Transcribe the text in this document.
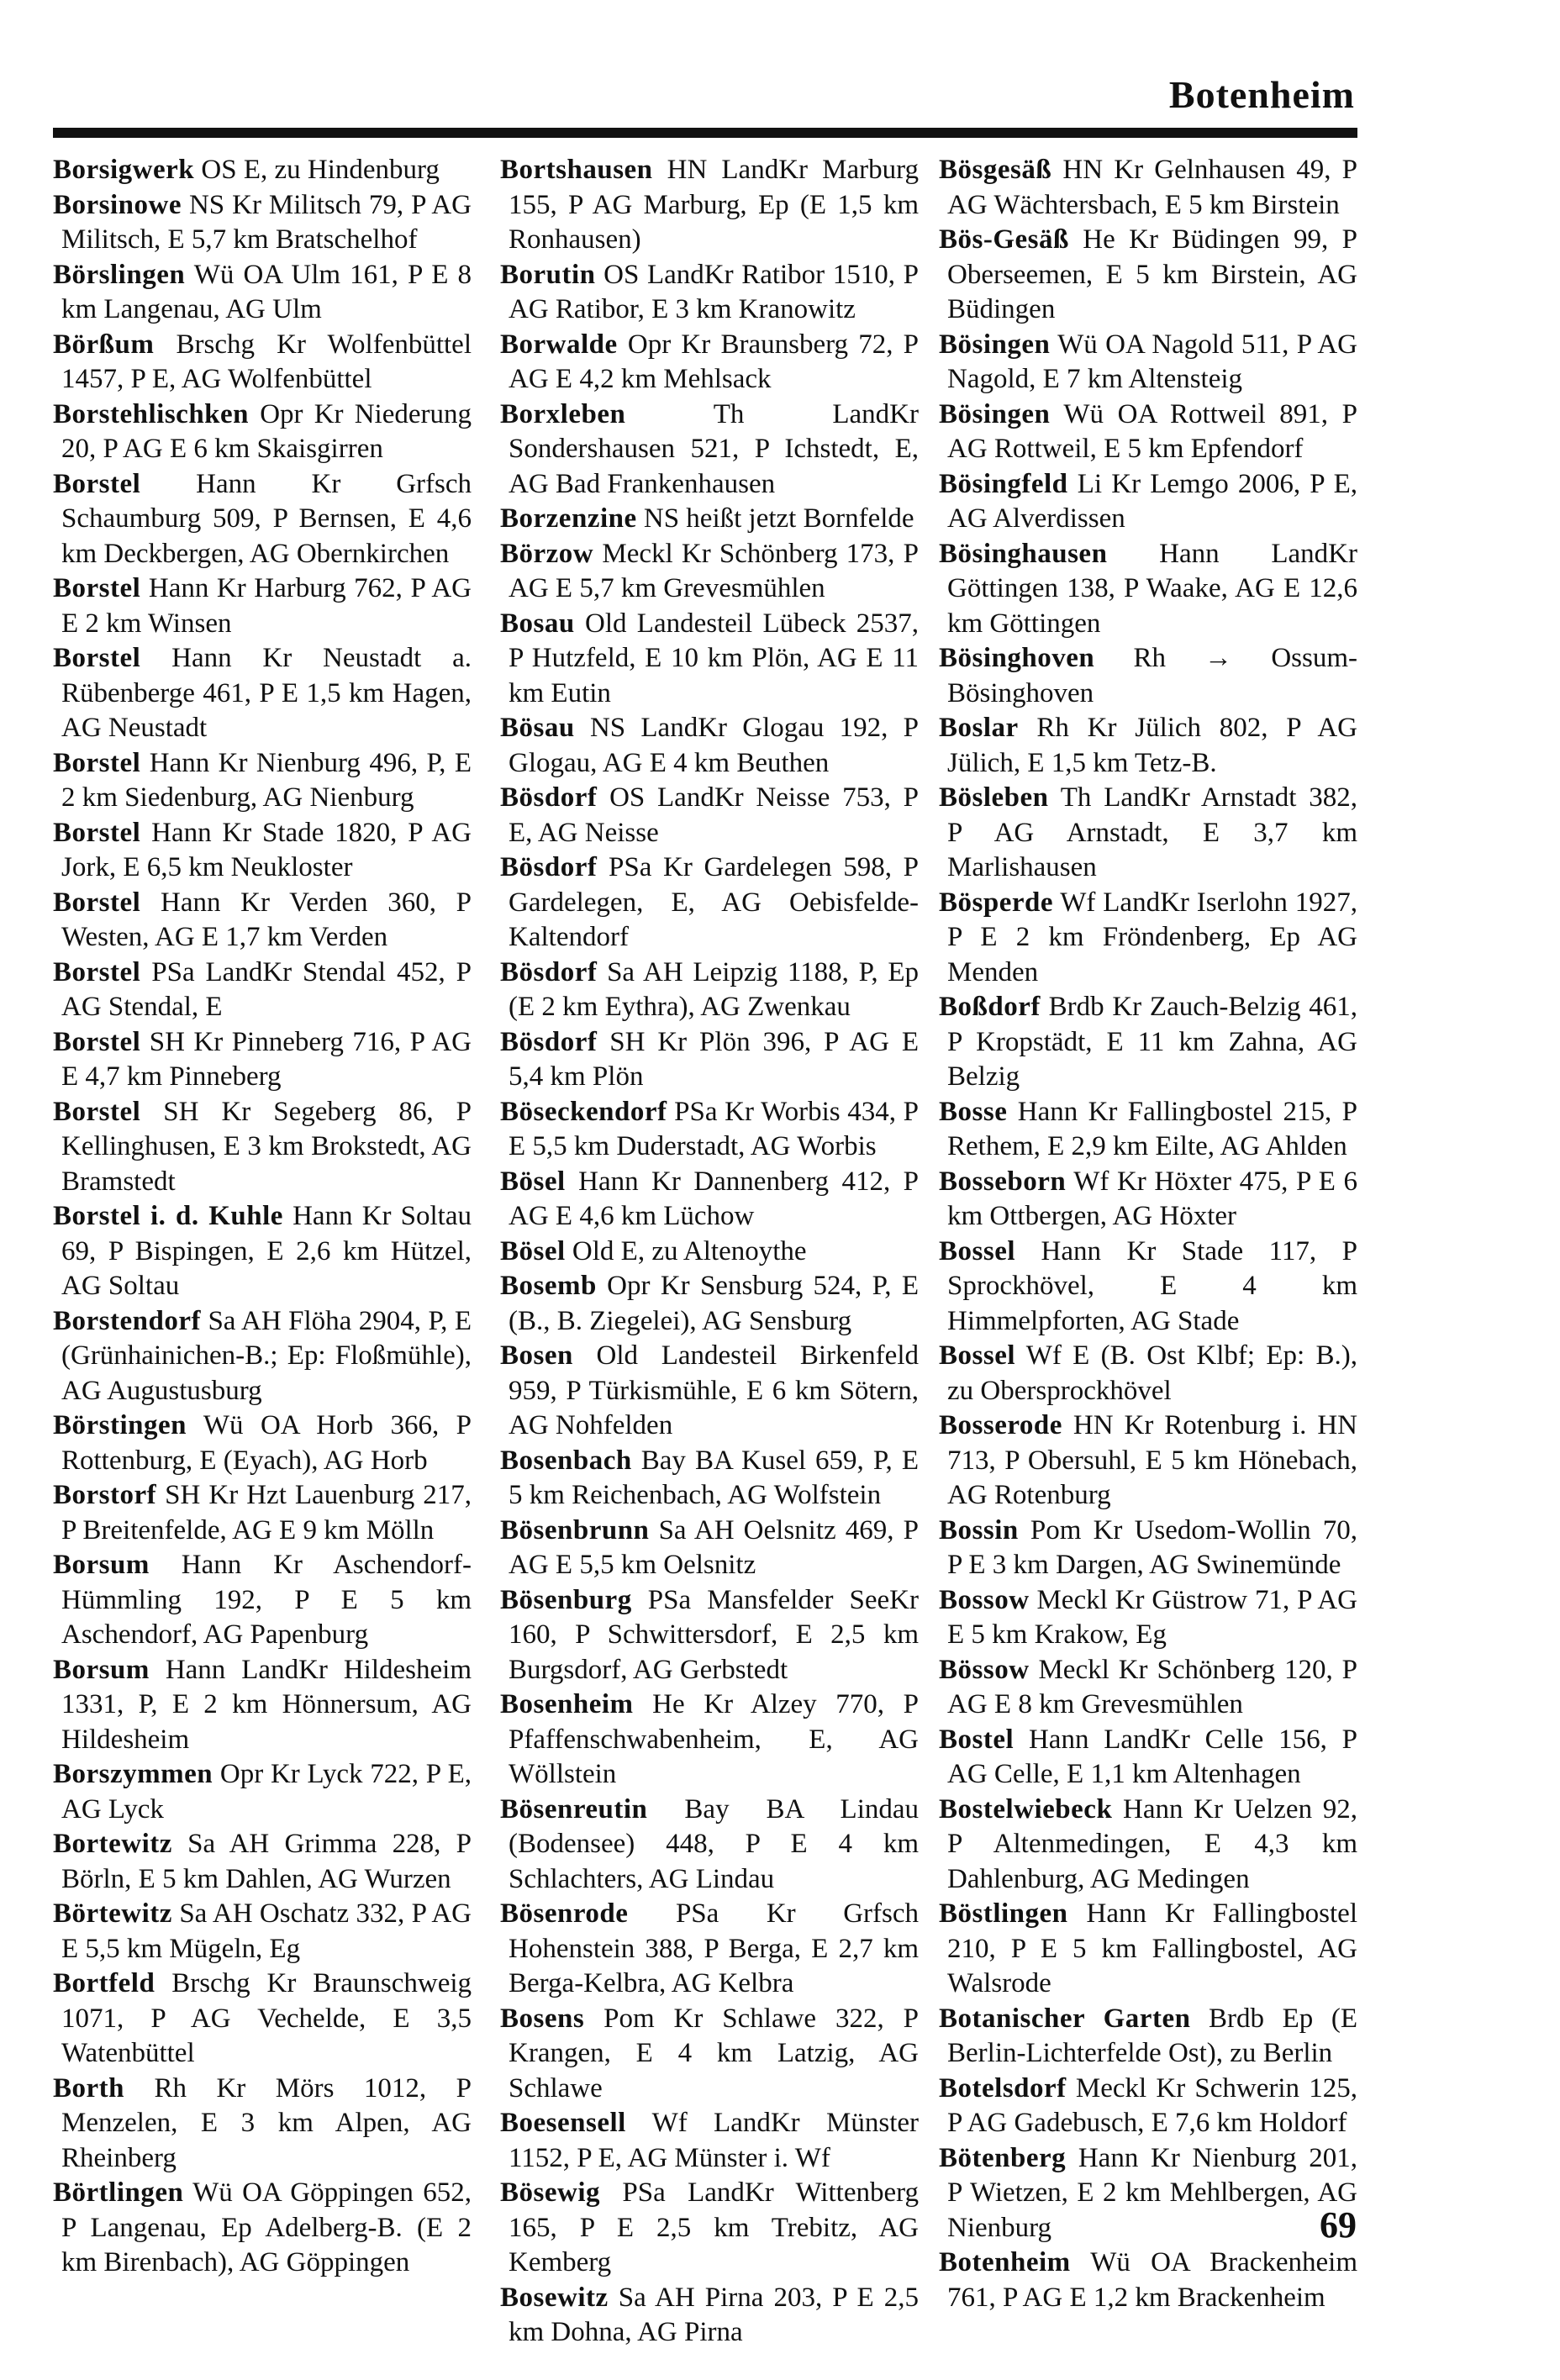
Botenheim
Borsigwerk OS E, zu Hindenburg
Borsinowe NS Kr Militsch 79, P AG Militsch, E 5,7 km Bratschelhof
Börslingen Wü OA Ulm 161, P E 8 km Langenau, AG Ulm
Börßum Brschg Kr Wolfenbüttel 1457, P E, AG Wolfenbüttel
Borstehlischken Opr Kr Niederung 20, P AG E 6 km Skaisgirren
Borstel Hann Kr Grfsch Schaumburg 509, P Bernsen, E 4,6 km Deckbergen, AG Obernkirchen
Borstel Hann Kr Harburg 762, P AG E 2 km Winsen
Borstel Hann Kr Neustadt a. Rübenberge 461, P E 1,5 km Hagen, AG Neustadt
Borstel Hann Kr Nienburg 496, P, E 2 km Siedenburg, AG Nienburg
Borstel Hann Kr Stade 1820, P AG Jork, E 6,5 km Neukloster
Borstel Hann Kr Verden 360, P Westen, AG E 1,7 km Verden
Borstel PSa LandKr Stendal 452, P AG Stendal, E
Borstel SH Kr Pinneberg 716, P AG E 4,7 km Pinneberg
Borstel SH Kr Segeberg 86, P Kellinghusen, E 3 km Brokstedt, AG Bramstedt
Borstel i. d. Kuhle Hann Kr Soltau 69, P Bispingen, E 2,6 km Hützel, AG Soltau
Borstendorf Sa AH Flöha 2904, P, E (Grünhainichen-B.; Ep: Floßmühle), AG Augustusburg
Börstingen Wü OA Horb 366, P Rottenburg, E (Eyach), AG Horb
Borstorf SH Kr Hzt Lauenburg 217, P Breitenfelde, AG E 9 km Mölln
Borsum Hann Kr Aschendorf-Hümmling 192, P E 5 km Aschendorf, AG Papenburg
Borsum Hann LandKr Hildesheim 1331, P, E 2 km Hönnersum, AG Hildesheim
Borszymmen Opr Kr Lyck 722, P E, AG Lyck
Bortewitz Sa AH Grimma 228, P Börln, E 5 km Dahlen, AG Wurzen
Börtewitz Sa AH Oschatz 332, P AG E 5,5 km Mügeln, Eg
Bortfeld Brschg Kr Braunschweig 1071, P AG Vechelde, E 3,5 Watenbüttel
Borth Rh Kr Mörs 1012, P Menzelen, E 3 km Alpen, AG Rheinberg
Börtlingen Wü OA Göppingen 652, P Langenau, Ep Adelberg-B. (E 2 km Birenbach), AG Göppingen
Bortshausen HN LandKr Marburg 155, P AG Marburg, Ep (E 1,5 km Ronhausen)
Borutin OS LandKr Ratibor 1510, P AG Ratibor, E 3 km Kranowitz
Borwalde Opr Kr Braunsberg 72, P AG E 4,2 km Mehlsack
Borxleben	Th LandKr Sondershausen 521, P Ichstedt, E, AG Bad Frankenhausen
Borzenzine NS heißt jetzt Bornfelde
Börzow Meckl Kr Schönberg 173, P AG E 5,7 km Grevesmühlen
Bosau Old Landesteil Lübeck 2537, P Hutzfeld, E 10 km Plön, AG E 11 km Eutin
Bösau NS LandKr Glogau 192, P Glogau, AG E 4 km Beuthen
Bösdorf OS LandKr Neisse 753, P E, AG Neisse
Bösdorf PSa Kr Gardelegen 598, P Gardelegen, E, AG Oebisfelde-Kaltendorf
Bösdorf Sa AH Leipzig 1188, P, Ep (E 2 km Eythra), AG Zwenkau
Bösdorf SH Kr Plön 396, P AG E 5,4 km Plön
Böseckendorf PSa Kr Worbis 434, P E 5,5 km Duderstadt, AG Worbis
Bösel Hann Kr Dannenberg 412, P AG E 4,6 km Lüchow
Bösel Old E, zu Altenoythe
Bosemb Opr Kr Sensburg 524, P, E (B., B. Ziegelei), AG Sensburg
Bosen Old Landesteil Birkenfeld 959, P Türkismühle, E 6 km Sötern, AG Nohfelden
Bosenbach Bay BA Kusel 659, P, E 5 km Reichenbach, AG Wolfstein
Bösenbrunn Sa AH Oelsnitz 469, P AG E 5,5 km Oelsnitz
Bösenburg PSa Mansfelder SeeKr 160, P Schwittersdorf, E 2,5 km Burgsdorf, AG Gerbstedt
Bosenheim He Kr Alzey 770, P Pfaffenschwabenheim, E, AG Wöllstein
Bösenreutin Bay BA Lindau (Bodensee) 448, P E 4 km Schlachters, AG Lindau
Bösenrode PSa Kr Grfsch Hohenstein 388, P Berga, E 2,7 km Berga-Kelbra, AG Kelbra
Bosens Pom Kr Schlawe 322, P Krangen, E 4 km Latzig, AG Schlawe
Boesensell Wf LandKr Münster 1152, P E, AG Münster i. Wf
Bösewig PSa LandKr Wittenberg 165, P E 2,5 km Trebitz, AG Kemberg
Bosewitz Sa AH Pirna 203, P E 2,5 km Dohna, AG Pirna
Bösgesäß HN Kr Gelnhausen 49, P AG Wächtersbach, E 5 km Birstein
Bös-Gesäß He Kr Büdingen 99, P Oberseemen, E 5 km Birstein, AG Büdingen
Bösingen Wü OA Nagold 511, P AG Nagold, E 7 km Altensteig
Bösingen Wü OA Rottweil 891, P AG Rottweil, E 5 km Epfendorf
Bösingfeld Li Kr Lemgo 2006, P E, AG Alverdissen
Bösinghausen Hann LandKr Göttingen 138, P Waake, AG E 12,6 km Göttingen
Bösinghoven Rh → Ossum-Bösinghoven
Boslar Rh Kr Jülich 802, P AG Jülich, E 1,5 km Tetz-B.
Bösleben Th LandKr Arnstadt 382, P AG Arnstadt, E 3,7 km Marlishausen
Bösperde Wf LandKr Iserlohn 1927, P E 2 km Fröndenberg, Ep AG Menden
Boßdorf Brdb Kr Zauch-Belzig 461, P Kropstädt, E 11 km Zahna, AG Belzig
Bosse Hann Kr Fallingbostel 215, P Rethem, E 2,9 km Eilte, AG Ahlden
Bosseborn Wf Kr Höxter 475, P E 6 km Ottbergen, AG Höxter
Bossel Hann Kr Stade 117, P Sprockhövel, E 4 km Himmelpforten, AG Stade
Bossel Wf E (B. Ost Klbf; Ep: B.), zu Obersprockhövel
Bosserode HN Kr Rotenburg i. HN 713, P Obersuhl, E 5 km Hönebach, AG Rotenburg
Bossin Pom Kr Usedom-Wollin 70, P E 3 km Dargen, AG Swinemünde
Bossow Meckl Kr Güstrow 71, P AG E 5 km Krakow, Eg
Bössow Meckl Kr Schönberg 120, P AG E 8 km Grevesmühlen
Bostel Hann LandKr Celle 156, P AG Celle, E 1,1 km Altenhagen
Bostelwiebeck Hann Kr Uelzen 92, P Altenmedingen, E 4,3 km Dahlenburg, AG Medingen
Böstlingen Hann Kr Fallingbostel 210, P E 5 km Fallingbostel, AG Walsrode
Botanischer Garten Brdb Ep (E Berlin-Lichterfelde Ost), zu Berlin
Botelsdorf Meckl Kr Schwerin 125, P AG Gadebusch, E 7,6 km Holdorf
Bötenberg Hann Kr Nienburg 201, P Wietzen, E 2 km Mehlbergen, AG Nienburg
Botenheim Wü OA Brackenheim 761, P AG E 1,2 km Brackenheim
69
